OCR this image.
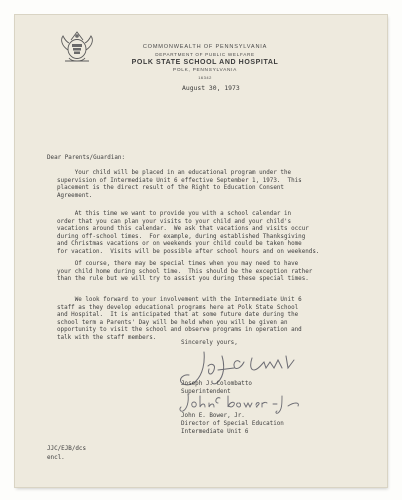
COMMONWEALTH OF PENNSYLVANIA
DEPARTMENT OF PUBLIC WELFARE
POLK STATE SCHOOL AND HOSPITAL
POLK, PENNSYLVANIA
16342
August 30, 1973
Dear Parents/Guardian:
Your child will be placed in an educational program under the
supervision of Intermediate Unit 6 effective September 1, 1973.  This
placement is the direct result of the Right to Education Consent
Agreement.
At this time we want to provide you with a school calendar in
order that you can plan your visits to your child and your child's
vacations around this calendar.  We ask that vacations and visits occur
during off-school times.  For example, during established Thanksgiving
and Christmas vacations or on weekends your child could be taken home
for vacation.  Visits will be possible after school hours and on weekends.
Of course, there may be special times when you may need to have
your child home during school time.  This should be the exception rather
than the rule but we will try to assist you during these special times.
We look forward to your involvement with the Intermediate Unit 6
staff as they develop educational programs here at Polk State School
and Hospital.  It is anticipated that at some future date during the
school term a Parents' Day will be held when you will be given an
opportunity to visit the school and observe programs in operation and
talk with the staff members.
Sincerely yours,
Joseph J. Colombatto
Superintendent
John E. Bower, Jr.
Director of Special Education
Intermediate Unit 6
JJC/EJB/dcs
encl.
